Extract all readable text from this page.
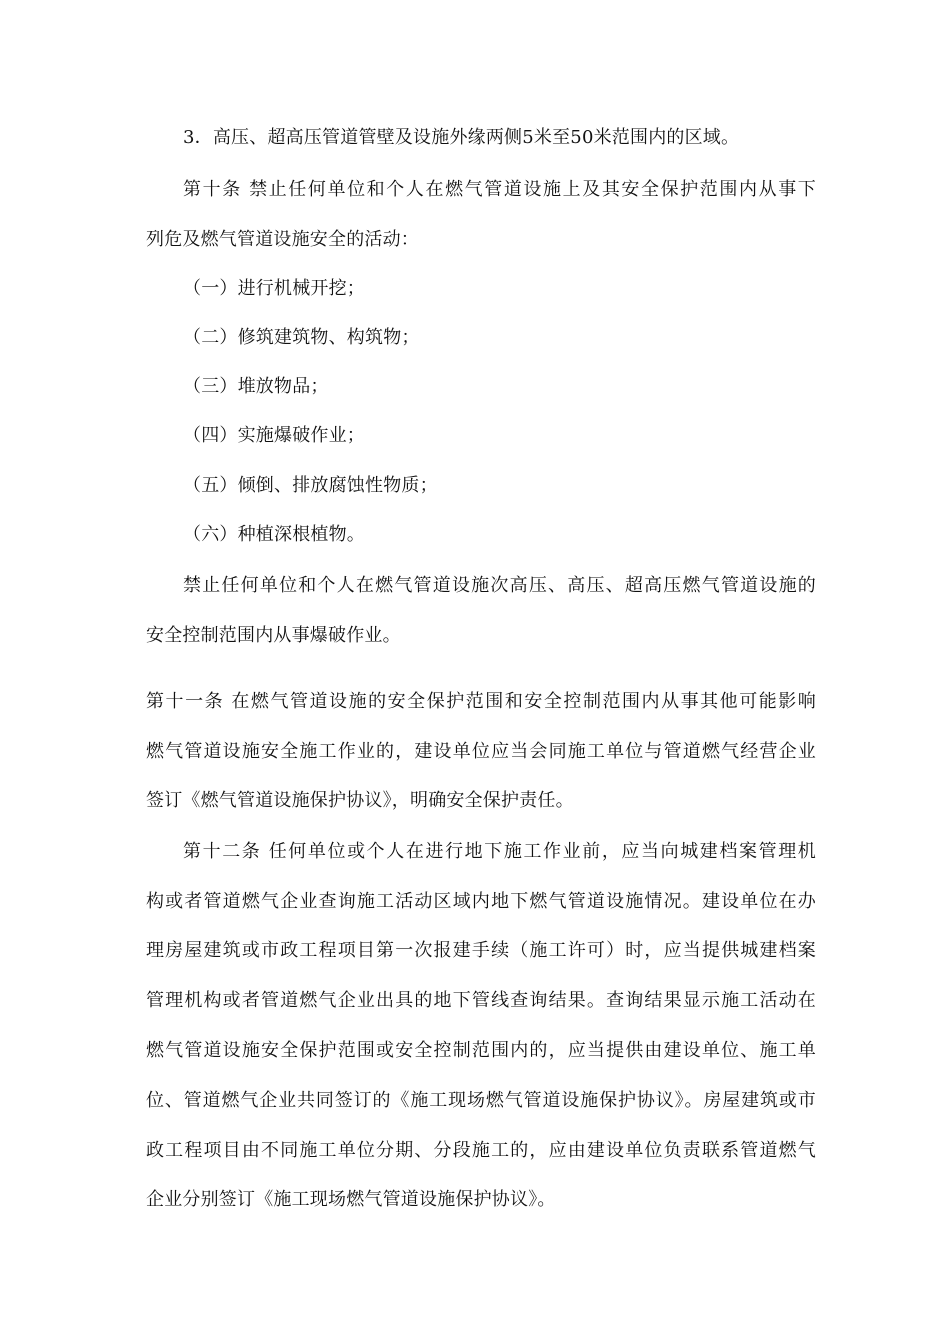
3．高压、超高压管道管壁及设施外缘两侧5米至50米范围内的区域。
第十条 禁止任何单位和个人在燃气管道设施上及其安全保护范围内从事下
列危及燃气管道设施安全的活动：
（一）进行机械开挖；
（二）修筑建筑物、构筑物；
（三）堆放物品；
（四）实施爆破作业；
（五）倾倒、排放腐蚀性物质；
（六）种植深根植物。
禁止任何单位和个人在燃气管道设施次高压、高压、超高压燃气管道设施的
安全控制范围内从事爆破作业。
第十一条 在燃气管道设施的安全保护范围和安全控制范围内从事其他可能影响
燃气管道设施安全施工作业的，建设单位应当会同施工单位与管道燃气经营企业
签订《燃气管道设施保护协议》，明确安全保护责任。
第十二条 任何单位或个人在进行地下施工作业前，应当向城建档案管理机
构或者管道燃气企业查询施工活动区域内地下燃气管道设施情况。建设单位在办
理房屋建筑或市政工程项目第一次报建手续（施工许可）时，应当提供城建档案
管理机构或者管道燃气企业出具的地下管线查询结果。查询结果显示施工活动在
燃气管道设施安全保护范围或安全控制范围内的，应当提供由建设单位、施工单
位、管道燃气企业共同签订的《施工现场燃气管道设施保护协议》。房屋建筑或市
政工程项目由不同施工单位分期、分段施工的，应由建设单位负责联系管道燃气
企业分别签订《施工现场燃气管道设施保护协议》。
